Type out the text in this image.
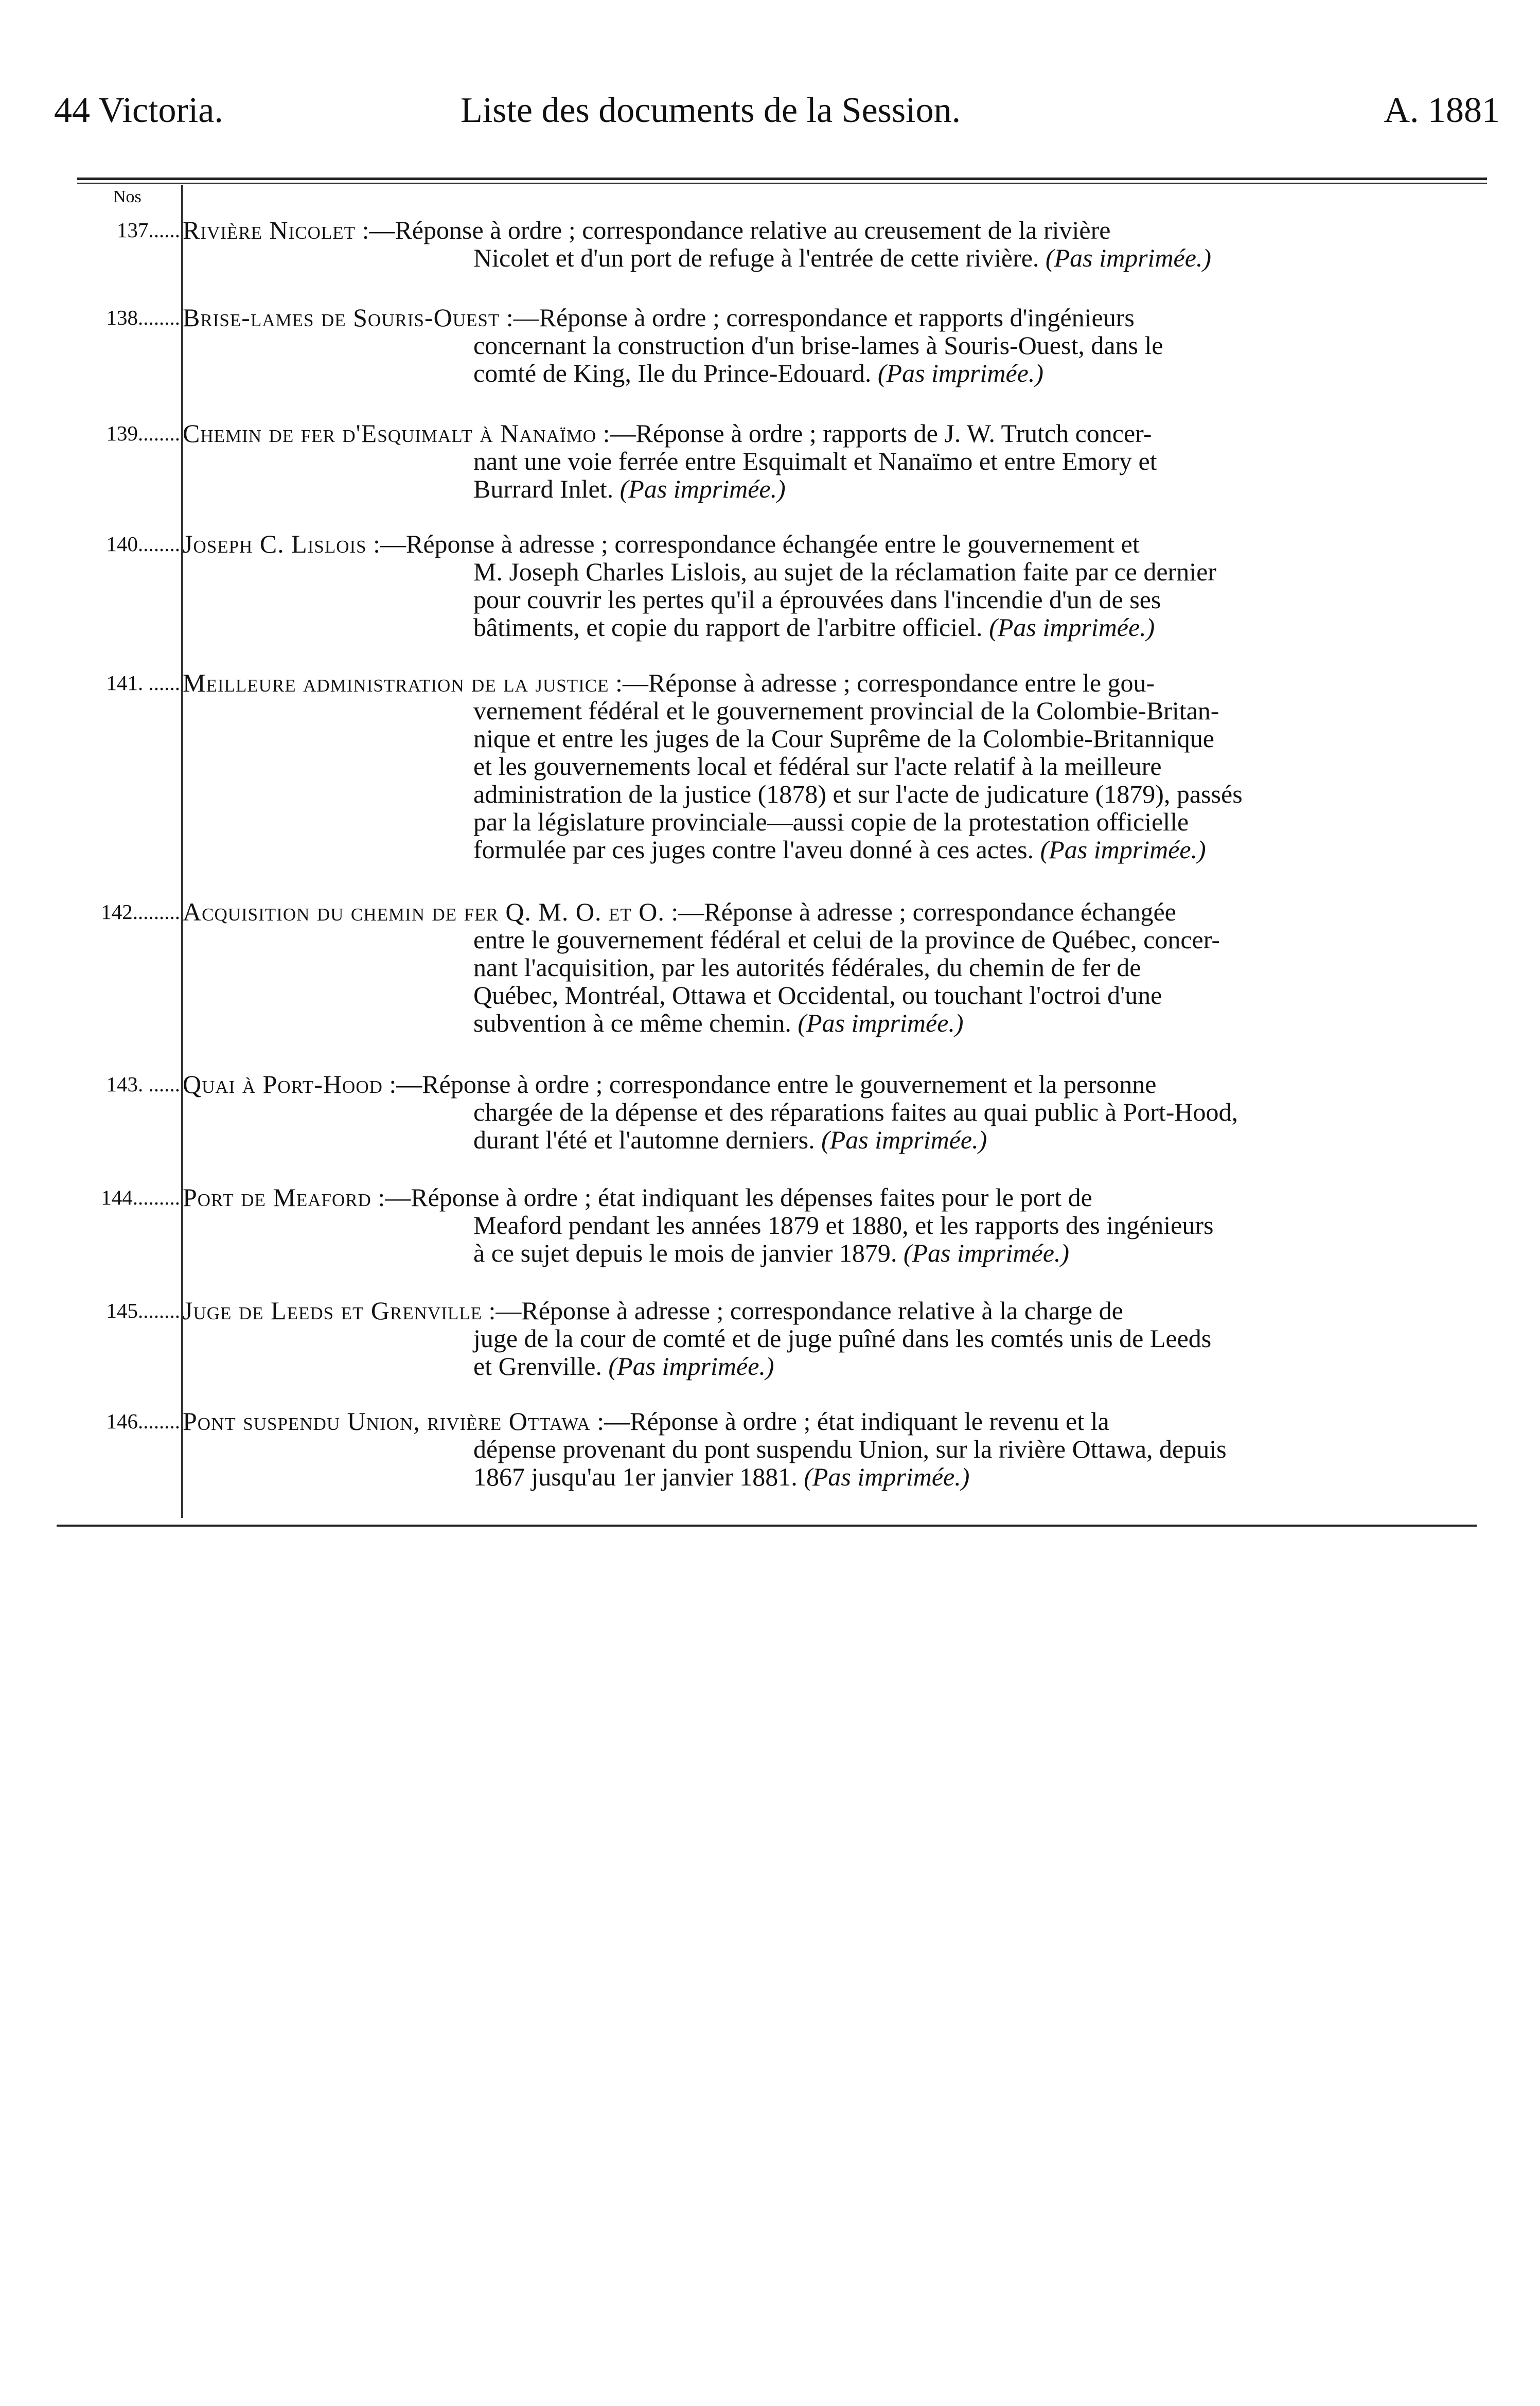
44 Victoria.	Liste des documents de la Session.	A. 1881
Nos
137...... Rivière Nicolet :—Réponse à ordre ; correspondance relative au creusement de la rivière
Nicolet et d'un port de refuge à l'entrée de cette rivière. (Pas imprimée.)
138........ Brise-lames de Souris-Ouest :—Réponse à ordre ; correspondance et rapports d'ingénieurs
concernant la construction d'un brise-lames à Souris-Ouest, dans le
comté de King, Ile du Prince-Edouard. (Pas imprimée.)
139........ Chemin de fer d'Esquimalt à Nanaïmo :—Réponse à ordre ; rapports de J. W. Trutch concer-
nant une voie ferrée entre Esquimalt et Nanaïmo et entre Emory et
Burrard Inlet. (Pas imprimée.)
140........ Joseph C. Lislois :—Réponse à adresse ; correspondance échangée entre le gouvernement et
M. Joseph Charles Lislois, au sujet de la réclamation faite par ce dernier
pour couvrir les pertes qu'il a éprouvées dans l'incendie d'un de ses
bâtiments, et copie du rapport de l'arbitre officiel. (Pas imprimée.)
141. ...... Meilleure administration de la justice :—Réponse à adresse ; correspondance entre le gou-
vernement fédéral et le gouvernement provincial de la Colombie-Britan-
nique et entre les juges de la Cour Suprême de la Colombie-Britannique
et les gouvernements local et fédéral sur l'acte relatif à la meilleure
administration de la justice (1878) et sur l'acte de judicature (1879), passés
par la législature provinciale—aussi copie de la protestation officielle
formulée par ces juges contre l'aveu donné à ces actes. (Pas imprimée.)
142......... Acquisition du chemin de fer Q. M. O. et O. :—Réponse à adresse ; correspondance échangée
entre le gouvernement fédéral et celui de la province de Québec, concer-
nant l'acquisition, par les autorités fédérales, du chemin de fer de
Québec, Montréal, Ottawa et Occidental, ou touchant l'octroi d'une
subvention à ce même chemin. (Pas imprimée.)
143. ...... Quai à Port-Hood :—Réponse à ordre ; correspondance entre le gouvernement et la personne
chargée de la dépense et des réparations faites au quai public à Port-Hood,
durant l'été et l'automne derniers. (Pas imprimée.)
144......... Port de Meaford :—Réponse à ordre ; état indiquant les dépenses faites pour le port de
Meaford pendant les années 1879 et 1880, et les rapports des ingénieurs
à ce sujet depuis le mois de janvier 1879. (Pas imprimée.)
145........ Juge de Leeds et Grenville :—Réponse à adresse ; correspondance relative à la charge de
juge de la cour de comté et de juge puîné dans les comtés unis de Leeds
et Grenville. (Pas imprimée.)
146........ Pont suspendu Union, rivière Ottawa :—Réponse à ordre ; état indiquant le revenu et la
dépense provenant du pont suspendu Union, sur la rivière Ottawa, depuis
1867 jusqu'au 1er janvier 1881. (Pas imprimée.)
